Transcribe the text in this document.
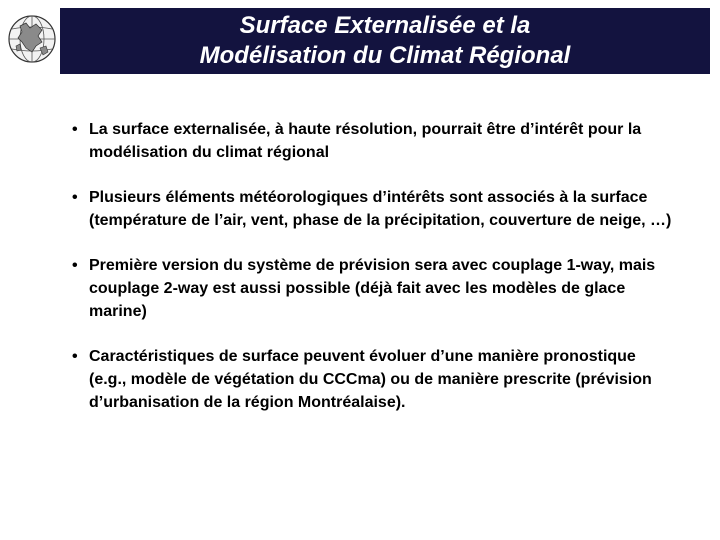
Surface Externalisée et la
Modélisation du Climat Régional
• La surface externalisée, à haute résolution, pourrait être d’intérêt pour la modélisation du climat régional
• Plusieurs éléments météorologiques d’intérêts sont associés à la surface (température de l’air, vent, phase de la précipitation, couverture de neige, …)
• Première version du système de prévision sera avec couplage 1-way, mais couplage 2-way est aussi possible (déjà fait avec les modèles de glace marine)
• Caractéristiques de surface peuvent évoluer d’une manière pronostique (e.g., modèle de végétation du CCCma) ou de manière prescrite (prévision d’urbanisation de la région Montréalaise).
